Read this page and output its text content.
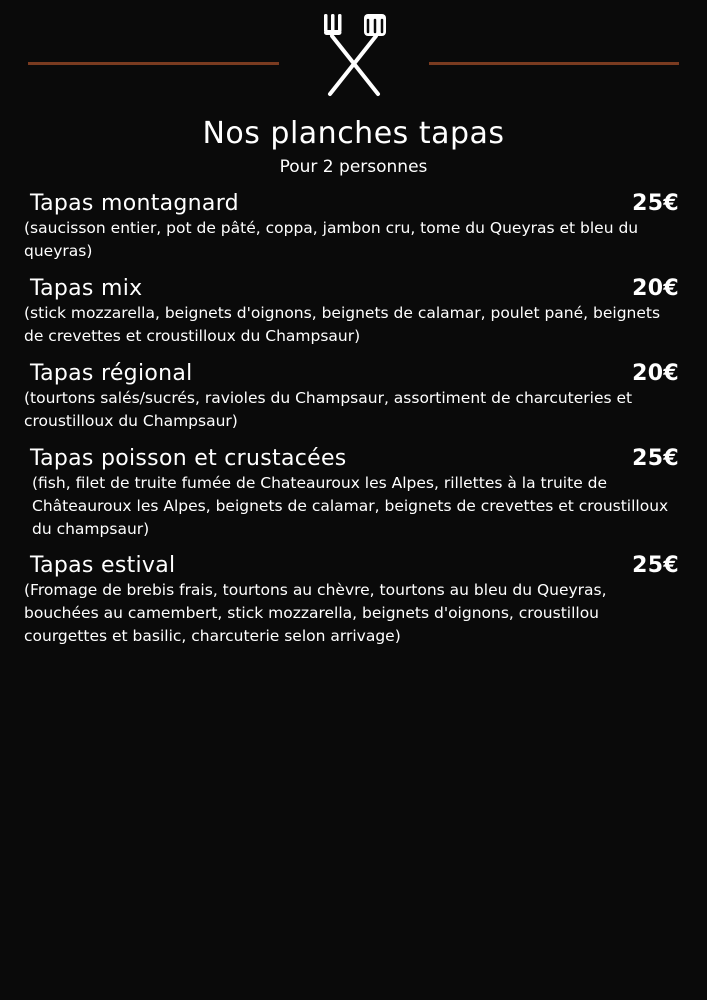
Nos planches tapas
Pour 2 personnes
Tapas montagnard	25€
(saucisson entier, pot de pâté, coppa, jambon cru, tome du Queyras et bleu du queyras)
Tapas mix	20€
(stick mozzarella, beignets d'oignons, beignets de calamar, poulet pané, beignets de crevettes et croustilloux du Champsaur)
Tapas régional	20€
(tourtons salés/sucrés, ravioles du Champsaur, assortiment de charcuteries et croustilloux du Champsaur)
Tapas poisson et crustacées	25€
(fish, filet de truite fumée de Chateauroux les Alpes, rillettes à la truite de Châteauroux les Alpes, beignets de calamar, beignets de crevettes et croustilloux du champsaur)
Tapas estival	25€
(Fromage de brebis frais, tourtons au chèvre, tourtons au bleu du Queyras, bouchées au camembert, stick mozzarella, beignets d'oignons, croustillou courgettes et basilic, charcuterie selon arrivage)
